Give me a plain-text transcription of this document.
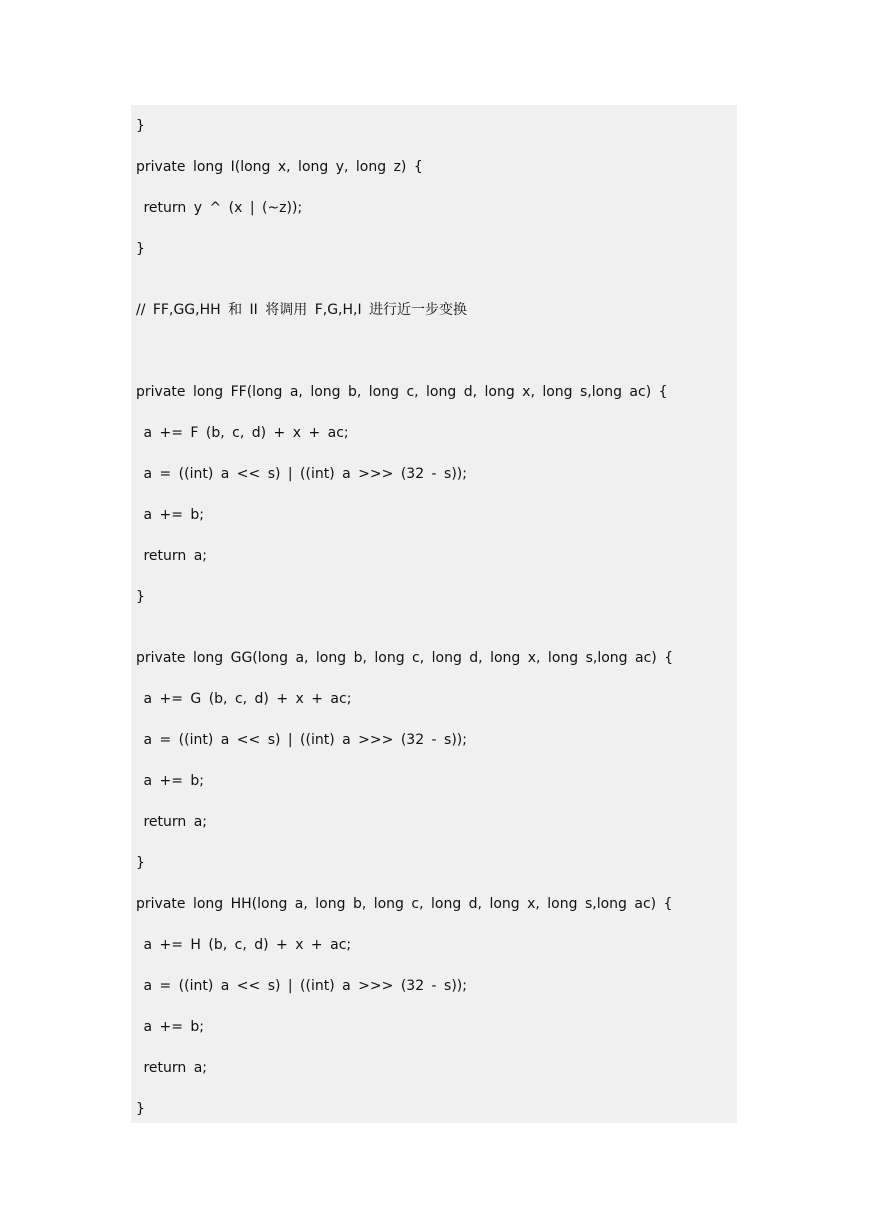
}
private long I(long x, long y, long z) {
return y ^ (x | (~z));
}
// FF,GG,HH 和 II 将调用 F,G,H,I 进行近一步变换
private long FF(long a, long b, long c, long d, long x, long s,long ac) {
a += F (b, c, d) + x + ac;
a = ((int) a << s) | ((int) a >>> (32 - s));
a += b;
return a;
}
private long GG(long a, long b, long c, long d, long x, long s,long ac) {
a += G (b, c, d) + x + ac;
a = ((int) a << s) | ((int) a >>> (32 - s));
a += b;
return a;
}
private long HH(long a, long b, long c, long d, long x, long s,long ac) {
a += H (b, c, d) + x + ac;
a = ((int) a << s) | ((int) a >>> (32 - s));
a += b;
return a;
}
